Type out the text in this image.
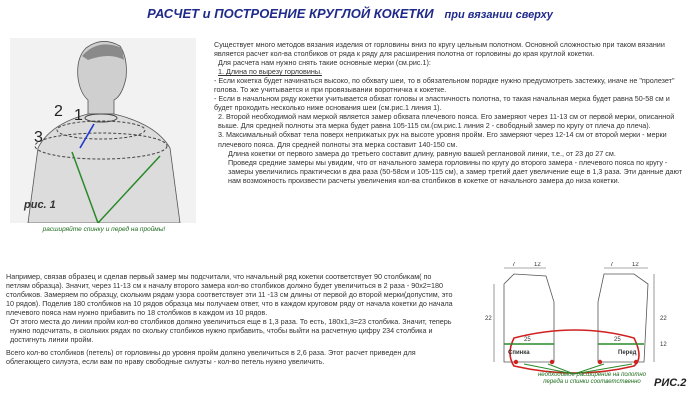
РАСЧЕТ и ПОСТРОЕНИЕ КРУГЛОЙ КОКЕТКИ при вязании сверху
1
2
3
рис. 1
расширяйте спинку и перед на проймы!

Существует много методов вязания изделия от горловины вниз по кругу цельным полотном. Основной сложностью при таком вязании является расчет кол-ва столбиков от ряда к ряду для расширения полотна от горловины до края круглой кокетки.

Для расчета нам нужно снять такие основные мерки (см.рис.1):

1. Длина по вырезу горловины.

- Если кокетка будет начинаться высоко, по обхвату шеи, то в обязательном порядке нужно предусмотреть застежку, иначе не "пролезет" голова. То же учитывается и при провязывании воротничка к кокетке.

- Если в начальном ряду кокетки учитывается обхват головы и эластичность полотна, то такая начальная мерка будет равна 50-58 см и будет проходить несколько ниже основания шеи (см.рис.1 линия 1).

2. Второй необходимой нам меркой является замер обхвата плечевого пояса. Его замеряют через 11-13 см от первой мерки, описанной выше. Для средней полноты эта мерка будет равна 105-115 см.(см.рис.1 линия 2 - свободный замер по кругу от плеча до плеча).

3. Максимальный обхват тела поверх неприжатых рук на высоте уровня пройм. Его замеряют через 12-14 см от второй мерки - мерки плечевого пояса. Для средней полноты эта мерка составит 140-150 см.

Длина кокетки от первого замера до третьего составит длину, равную вашей реглановой линии, т.е., от 23 до 27 см.

Проведя средние замеры мы увидим, что от начального замера горловины по кругу до второго замера - плечевого пояса по кругу - замеры увеличились практически в два раза (50-58см и 105-115 см), а замер третий дает увеличение еще в 1,3 раза. Эти данные дают нам возможность произвести расчеты увеличения кол-ва столбиков в кокетке от начального замера до низа кокетки.

Например, связав образец и сделав первый замер мы подсчитали, что начальный ряд кокетки соответствует 90 столбикам( по петлям образца). Значит, через 11-13 см к началу второго замера кол-во столбиков должно будет увеличиться в 2 раза - 90х2=180 столбиков. Замеряем по образцу, скольким рядам узора соответствует эти 11 -13 см длины от первой до второй мерки(допустим, это 10 рядов). Поделив 180 столбиков на 10 рядов образца мы получаем ответ, что в каждом круговом ряду от начала кокетки до начала плечевого пояса нам нужно прибавить по 18 столбиков в каждом из 10 рядов.

От этого места до линии пройм кол-во столбиков должно увеличиться еще в 1,3 раза. То есть, 180х1,3=23 столбика. Значит, теперь нужно подсчитать, в скольких рядах по скольку столбиков нужно прибавить, чтобы выйти на расчетную цифру 234 столбика и достигнуть линии пройм.

Всего кол-во столбиков (петель) от горловины до уровня пройм должно увеличиться в 2,6 раза. Этот расчет приведен для облегающего силуэта, если вам по нраву свободные силуэты - кол-во петель нужно увеличить.

7	12	7	12
22
22
12
25	25
Спинка	Перед
необходимое расширение на полотно переда и спинки соответственно	РИС.2
